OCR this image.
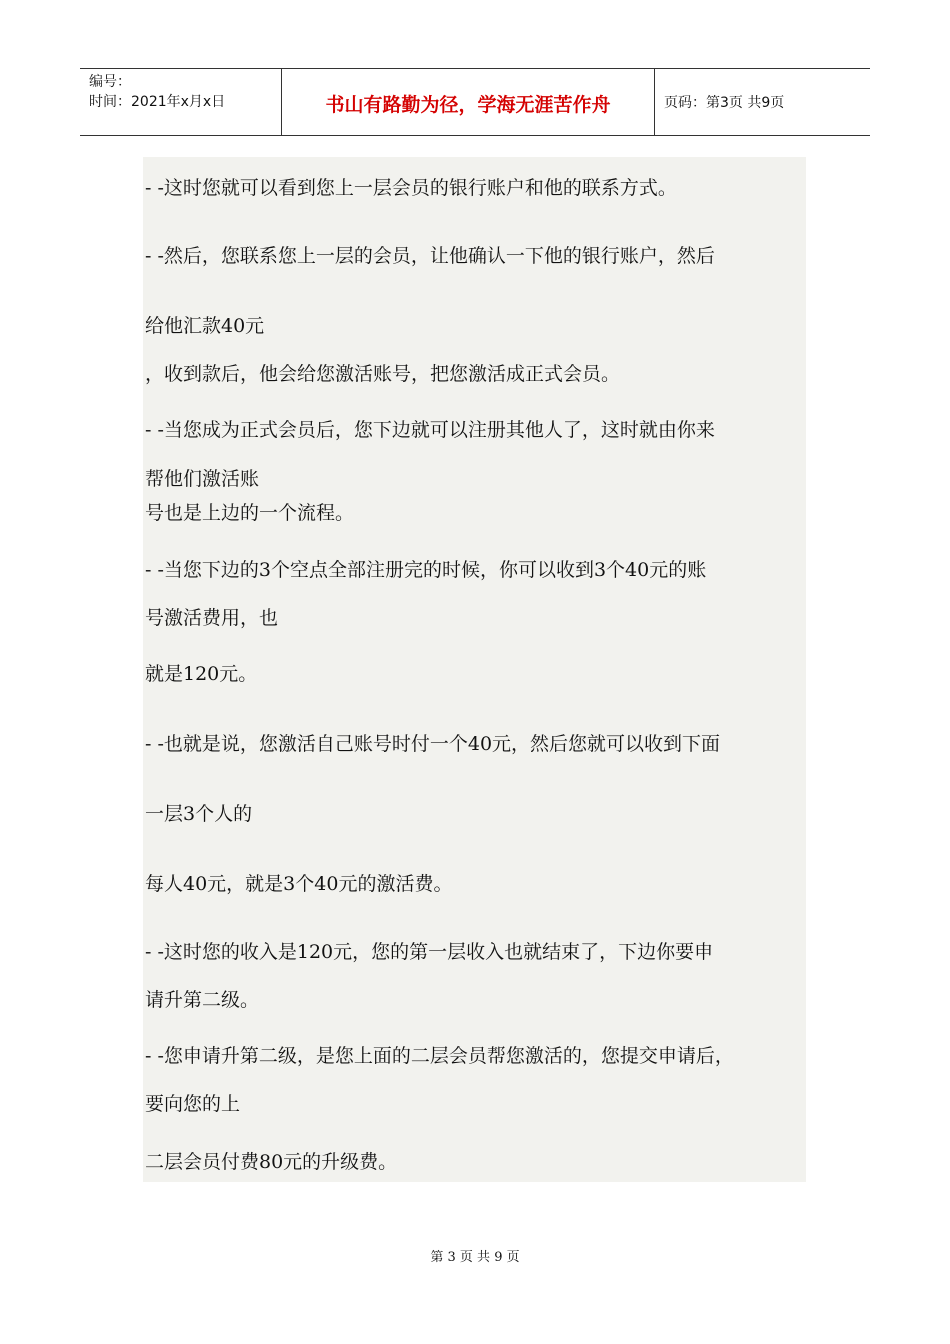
编号：
时间：2021年x月x日	书山有路勤为径，学海无涯苦作舟	页码：第3页 共9页
- -这时您就可以看到您上一层会员的银行账户和他的联系方式。
- -然后，您联系您上一层的会员，让他确认一下他的银行账户，然后
给他汇款40元
，收到款后，他会给您激活账号，把您激活成正式会员。
- -当您成为正式会员后，您下边就可以注册其他人了，这时就由你来
帮他们激活账
号也是上边的一个流程。
- -当您下边的3个空点全部注册完的时候，你可以收到3个40元的账
号激活费用，也
就是120元。
- -也就是说，您激活自己账号时付一个40元，然后您就可以收到下面
一层3个人的
每人40元，就是3个40元的激活费。
- -这时您的收入是120元，您的第一层收入也就结束了，下边你要申
请升第二级。
- -您申请升第二级，是您上面的二层会员帮您激活的，您提交申请后，
要向您的上
二层会员付费80元的升级费。
第 3 页 共 9 页
